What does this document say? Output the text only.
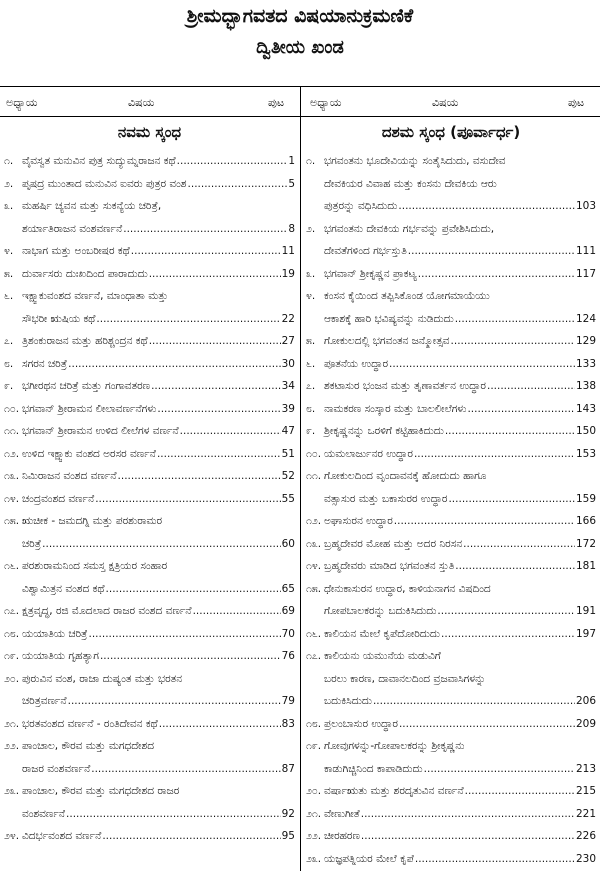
ಶ್ರೀಮದ್ಭಾಗವತದ ವಿಷಯಾನುಕ್ರಮಣಿಕೆ
ದ್ವಿತೀಯ ಖಂಡ
ಅಧ್ಯಾಯ	ವಿಷಯ	ಪುಟ ಅಧ್ಯಾಯ	ವಿಷಯ	ಪುಟ
ನವಮ ಸ್ಕಂಧ
೧. ವೈವಸ್ವತ ಮನುವಿನ ಪುತ್ರ ಸುದ್ಯುಮ್ನರಾಜನ ಕಥೆ .....	1
೨. ಪೃಷದ್ರ ಮುಂತಾದ ಮನುವಿನ ಐವರು ಪುತ್ರರ ವಂಶ .....	5
೩. ಮಹರ್ಷಿ ಚ್ಯವನ ಮತ್ತು ಸುಕನ್ಯೆಯ ಚರಿತ್ರೆ,
ಶರ್ಯಾತಿರಾಜನ ವಂಶವರ್ಣನೆ .....	8
೪. ನಾಭಾಗ ಮತ್ತು ಅಂಬರೀಷರ ಕಥೆ .....	11
೫. ದುರ್ವಾಸರು ದುಃಖದಿಂದ ಪಾರಾದುದು .....	19
೬. ಇಕ್ಷ್ವಾಕುವಂಶದ ವರ್ಣನೆ, ಮಾಂಧಾತಾ ಮತ್ತು
ಸೌಭರೀ ಋಷಿಯ ಕಥೆ .....	22
೭. ತ್ರಿಶಂಕುರಾಜನ ಮತ್ತು ಹರಿಶ್ಚಂದ್ರನ ಕಥೆ .....	27
೮. ಸಗರನ ಚರಿತ್ರೆ .....	30
೯. ಭಗೀರಥನ ಚರಿತ್ರೆ ಮತ್ತು ಗಂಗಾವತರಣ .....	34
೧೦. ಭಗವಾನ್ ಶ್ರೀರಾಮನ ಲೀಲಾವರ್ಣನೆಗಳು .....	39
೧೧. ಭಗವಾನ್ ಶ್ರೀರಾಮನ ಉಳಿದ ಲೀಲೆಗಳ ವರ್ಣನೆ .....	47
೧೨. ಉಳಿದ ಇಕ್ಷ್ವಾಕು ವಂಶದ ಅರಸರ ವರ್ಣನೆ .....	51
೧೩. ನಿಮಿರಾಜನ ವಂಶದ ವರ್ಣನೆ .....	52
೧೪. ಚಂದ್ರವಂಶದ ವರ್ಣನೆ .....	55
೧೫. ಋಚೀಕ - ಜಮದಗ್ನಿ ಮತ್ತು ಪರಶುರಾಮರ
ಚರಿತ್ರೆ .....	60
೧೬. ಪರಶುರಾಮನಿಂದ ಸಮಸ್ತ ಕ್ಷತ್ರಿಯರ ಸಂಹಾರ
ವಿಶ್ವಾಮಿತ್ರನ ವಂಶದ ಕಥೆ .....	65
೧೭. ಕ್ಷತ್ರವೃದ್ಧ, ರಜಿ ಮೊದಲಾದ ರಾಜರ ವಂಶದ ವರ್ಣನೆ .....	69
೧೮. ಯಯಾತಿಯ ಚರಿತ್ರೆ .....	70
೧೯. ಯಯಾತಿಯ ಗೃಹತ್ಯಾಗ .....	76
೨೦. ಪುರುವಿನ ವಂಶ, ರಾಜಾ ದುಷ್ಯಂತ ಮತ್ತು ಭರತನ
ಚರಿತ್ರವರ್ಣನೆ .....	79
೨೧. ಭರತವಂಶದ ವರ್ಣನೆ - ರಂತಿದೇವನ ಕಥೆ .....	83
೨೨. ಪಾಂಚಾಲ, ಕೌರವ ಮತ್ತು ಮಗಧದೇಶದ
ರಾಜರ ವಂಶವರ್ಣನೆ .....	87
೨೩. ಪಾಂಚಾಲ, ಕೌರವ ಮತ್ತು ಮಗಧದೇಶದ ರಾಜರ
ವಂಶವರ್ಣನೆ .....	92
೨೪. ವಿದರ್ಭವಂಶದ ವರ್ಣನೆ .....	95
ದಶಮ ಸ್ಕಂಧ (ಪೂರ್ವಾರ್ಧ)
೧. ಭಗವಂತನು ಭೂದೇವಿಯನ್ನು ಸಂತೈಸಿದುದು, ವಸುದೇವ
ದೇವಕಿಯರ ವಿವಾಹ ಮತ್ತು ಕಂಸನು ದೇವಕಿಯ ಆರು
ಪುತ್ರರನ್ನು ವಧಿಸಿದುದು .....	103
೨. ಭಗವಂತನು ದೇವಕಿಯ ಗರ್ಭವನ್ನು ಪ್ರವೇಶಿಸಿದುದು,
ದೇವತೆಗಳಿಂದ ಗರ್ಭಸ್ತುತಿ .....	111
೩. ಭಗವಾನ್ ಶ್ರೀಕೃಷ್ಣನ ಪ್ರಾಕಟ್ಯ .....	117
೪. ಕಂಸನ ಕೈಯಿಂದ ತಪ್ಪಿಸಿಕೊಂಡ ಯೋಗಮಾಯೆಯು
ಆಕಾಶಕ್ಕೆ ಹಾರಿ ಭವಿಷ್ಯವನ್ನು ನುಡಿದುದು .....	124
೫. ಗೋಕುಲದಲ್ಲಿ ಭಗವಂತನ ಜನ್ಮೋತ್ಸವ .....	129
೬. ಪೂತನೆಯ ಉದ್ಧಾರ .....	133
೭. ಶಕಟಾಸುರ ಭಂಜನ ಮತ್ತು ತೃಣಾವರ್ತನ ಉದ್ಧಾರ .....	138
೮. ನಾಮಕರಣ ಸಂಸ್ಕಾರ ಮತ್ತು ಬಾಲಲೀಲೆಗಳು .....	143
೯. ಶ್ರೀಕೃಷ್ಣನನ್ನು ಒರಳಿಗೆ ಕಟ್ಟಿಹಾಕಿದುದು .....	150
೧೦. ಯಮಲಾರ್ಜುನರ ಉದ್ಧಾರ .....	153
೧೧. ಗೋಕುಲದಿಂದ ವೃಂದಾವನಕ್ಕೆ ಹೋದುದು ಹಾಗೂ
ವತ್ಸಾಸುರ ಮತ್ತು ಬಕಾಸುರರ ಉದ್ಧಾರ .....	159
೧೨. ಅಘಾಸುರನ ಉದ್ಧಾರ .....	166
೧೩. ಬ್ರಹ್ಮದೇವರ ಮೋಹ ಮತ್ತು ಅದರ ನಿರಸನ .....	172
೧೪. ಬ್ರಹ್ಮದೇವರು ಮಾಡಿದ ಭಗವಂತನ ಸ್ತುತಿ .....	181
೧೫. ಧೇನುಕಾಸುರನ ಉದ್ಧಾರ, ಕಾಳಿಯನಾಗನ ವಿಷದಿಂದ
ಗೋಪಬಾಲಕರನ್ನು ಬದುಕಿಸಿದುದು .....	191
೧೬. ಕಾಲಿಯನ ಮೇಲೆ ಕೃಪೆದೋರಿದುದು .....	197
೧೭. ಕಾಲಿಯನು ಯಮುನೆಯ ಮಡುವಿಗೆ
ಬರಲು ಕಾರಣ, ದಾವಾನಲದಿಂದ ವ್ರಜವಾಸಿಗಳನ್ನು
ಬದುಕಿಸಿದುದು .....	206
೧೮. ಪ್ರಲಂಬಾಸುರ ಉದ್ಧಾರ .....	209
೧೯. ಗೋವುಗಳನ್ನು-ಗೋಪಾಲಕರನ್ನು ಶ್ರೀಕೃಷ್ಣನು
ಕಾಡುಗಿಚ್ಚಿನಿಂದ ಕಾಪಾಡಿದುದು .....	213
೨೦. ವರ್ಷಾಋತು ಮತ್ತು ಶರದೃತುವಿನ ವರ್ಣನೆ .....	215
೨೧. ವೇಣುಗೀತೆ .....	221
೨೨. ಚೀರಹರಣ .....	226
೨೩. ಯಜ್ಞಪತ್ನಿಯರ ಮೇಲೆ ಕೃಪೆ .....	230
